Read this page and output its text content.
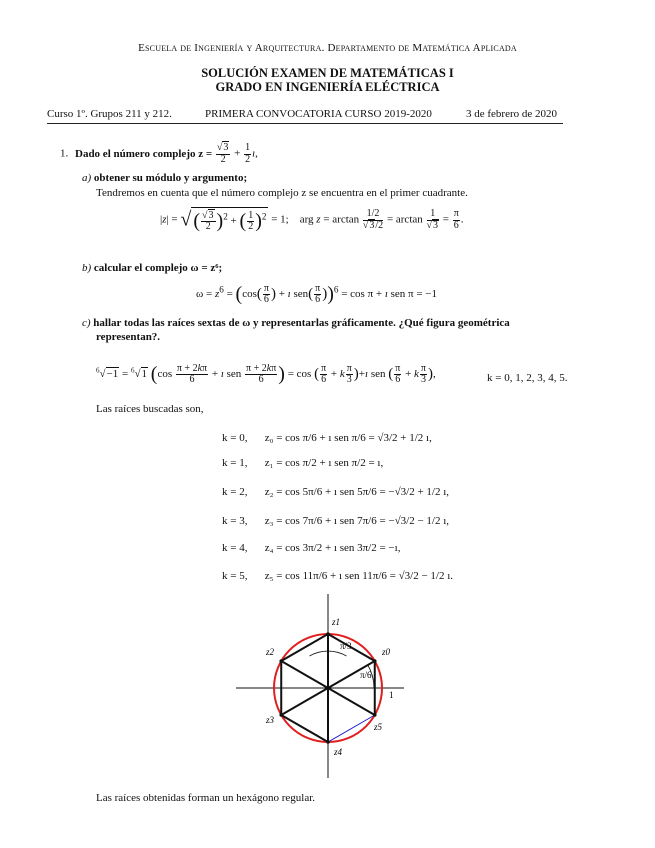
Escuela de Ingeniería y Arquitectura. Departamento de Matemática Aplicada
SOLUCIÓN EXAMEN DE MATEMÁTICAS I
GRADO EN INGENIERÍA ELÉCTRICA
Curso 1º. Grupos 211 y 212.	PRIMERA CONVOCATORIA CURSO 2019-2020	3 de febrero de 2020
1. Dado el número complejo $z = \frac{√3}{2} + \frac{1}{2}$ ı,
a) obtener su módulo y argumento;
Tendremos en cuenta que el número complejo z se encuentra en el primer cuadrante.
|z| = √ ( $\frac{√3}{2} )^2$ + ( $\frac{1}{2} )^2 = 1$;    arg $z = \arctan \frac{1/2}{√3/2} = \arctan \frac{1}{√3} = \frac{\pi}{6}$ .
b) calcular el complejo ω = z⁶;
$\omega = z^6 = (\cos( \frac{\pi}{6}$ ) + ı $sen( \frac{\pi}{6} ))^6 = \cos \pi$ + ı sen π = −1
c) hallar todas las raíces sextas de ω y representarlas gráficamente. ¿Qué figura geométrica
representan?.
$^6$√−1 = $^6$√1 ($\cos \frac{\pi + 2k\pi}{6}$ + ı sen $\frac{\pi + 2k\pi}{6}$ ) = cos ( $\frac{\pi}{6} + k \frac{\pi}{3}$ )+ı sen ( $\frac{\pi}{6} + k \frac{\pi}{3}$ ),	k = 0, 1, 2, 3, 4, 5.
Las raíces buscadas son,
k = 0, z₀ = cos π/6 + ı sen π/6 = √3/2 + 1/2 ı,
k = 1, z₁ = cos π/2 + ı sen π/2 = ı,
k = 2, z₂ = cos 5π/6 + ı sen 5π/6 = −√3/2 + 1/2 ı,
k = 3, z₃ = cos 7π/6 + ı sen 7π/6 = −√3/2 − 1/2 ı,
k = 4, z₄ = cos 3π/2 + ı sen 3π/2 = −ı,
k = 5, z₅ = cos 11π/6 + ı sen 11π/6 = √3/2 − 1/2 ı.
z1
z0
z2
z3
z4
z5
π/3
π/6
1
Las raíces obtenidas forman un hexágono regular.
